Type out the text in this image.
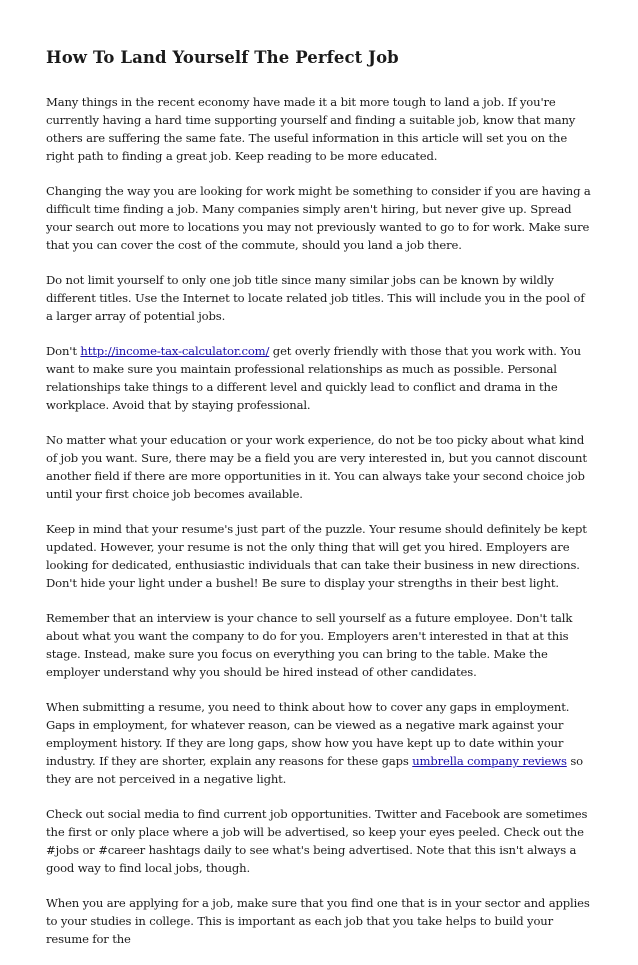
How To Land Yourself The Perfect Job

Many things in the recent economy have made it a bit more tough to land a job. If you're currently having a hard time supporting yourself and finding a suitable job, know that many others are suffering the same fate. The useful information in this article will set you on the right path to finding a great job. Keep reading to be more educated.

Changing the way you are looking for work might be something to consider if you are having a difficult time finding a job. Many companies simply aren't hiring, but never give up. Spread your search out more to locations you may not previously wanted to go to for work. Make sure that you can cover the cost of the commute, should you land a job there.

Do not limit yourself to only one job title since many similar jobs can be known by wildly different titles. Use the Internet to locate related job titles. This will include you in the pool of a larger array of potential jobs.

Don't http://income-tax-calculator.com/ get overly friendly with those that you work with. You want to make sure you maintain professional relationships as much as possible. Personal relationships take things to a different level and quickly lead to conflict and drama in the workplace. Avoid that by staying professional.

No matter what your education or your work experience, do not be too picky about what kind of job you want. Sure, there may be a field you are very interested in, but you cannot discount another field if there are more opportunities in it. You can always take your second choice job until your first choice job becomes available.

Keep in mind that your resume's just part of the puzzle. Your resume should definitely be kept updated. However, your resume is not the only thing that will get you hired. Employers are looking for dedicated, enthusiastic individuals that can take their business in new directions. Don't hide your light under a bushel! Be sure to display your strengths in their best light.

Remember that an interview is your chance to sell yourself as a future employee. Don't talk about what you want the company to do for you. Employers aren't interested in that at this stage. Instead, make sure you focus on everything you can bring to the table. Make the employer understand why you should be hired instead of other candidates.

When submitting a resume, you need to think about how to cover any gaps in employment. Gaps in employment, for whatever reason, can be viewed as a negative mark against your employment history. If they are long gaps, show how you have kept up to date within your industry. If they are shorter, explain any reasons for these gaps umbrella company reviews so they are not perceived in a negative light.

Check out social media to find current job opportunities. Twitter and Facebook are sometimes the first or only place where a job will be advertised, so keep your eyes peeled. Check out the #jobs or #career hashtags daily to see what's being advertised. Note that this isn't always a good way to find local jobs, though.

When you are applying for a job, make sure that you find one that is in your sector and applies to your studies in college. This is important as each job that you take helps to build your resume for the
